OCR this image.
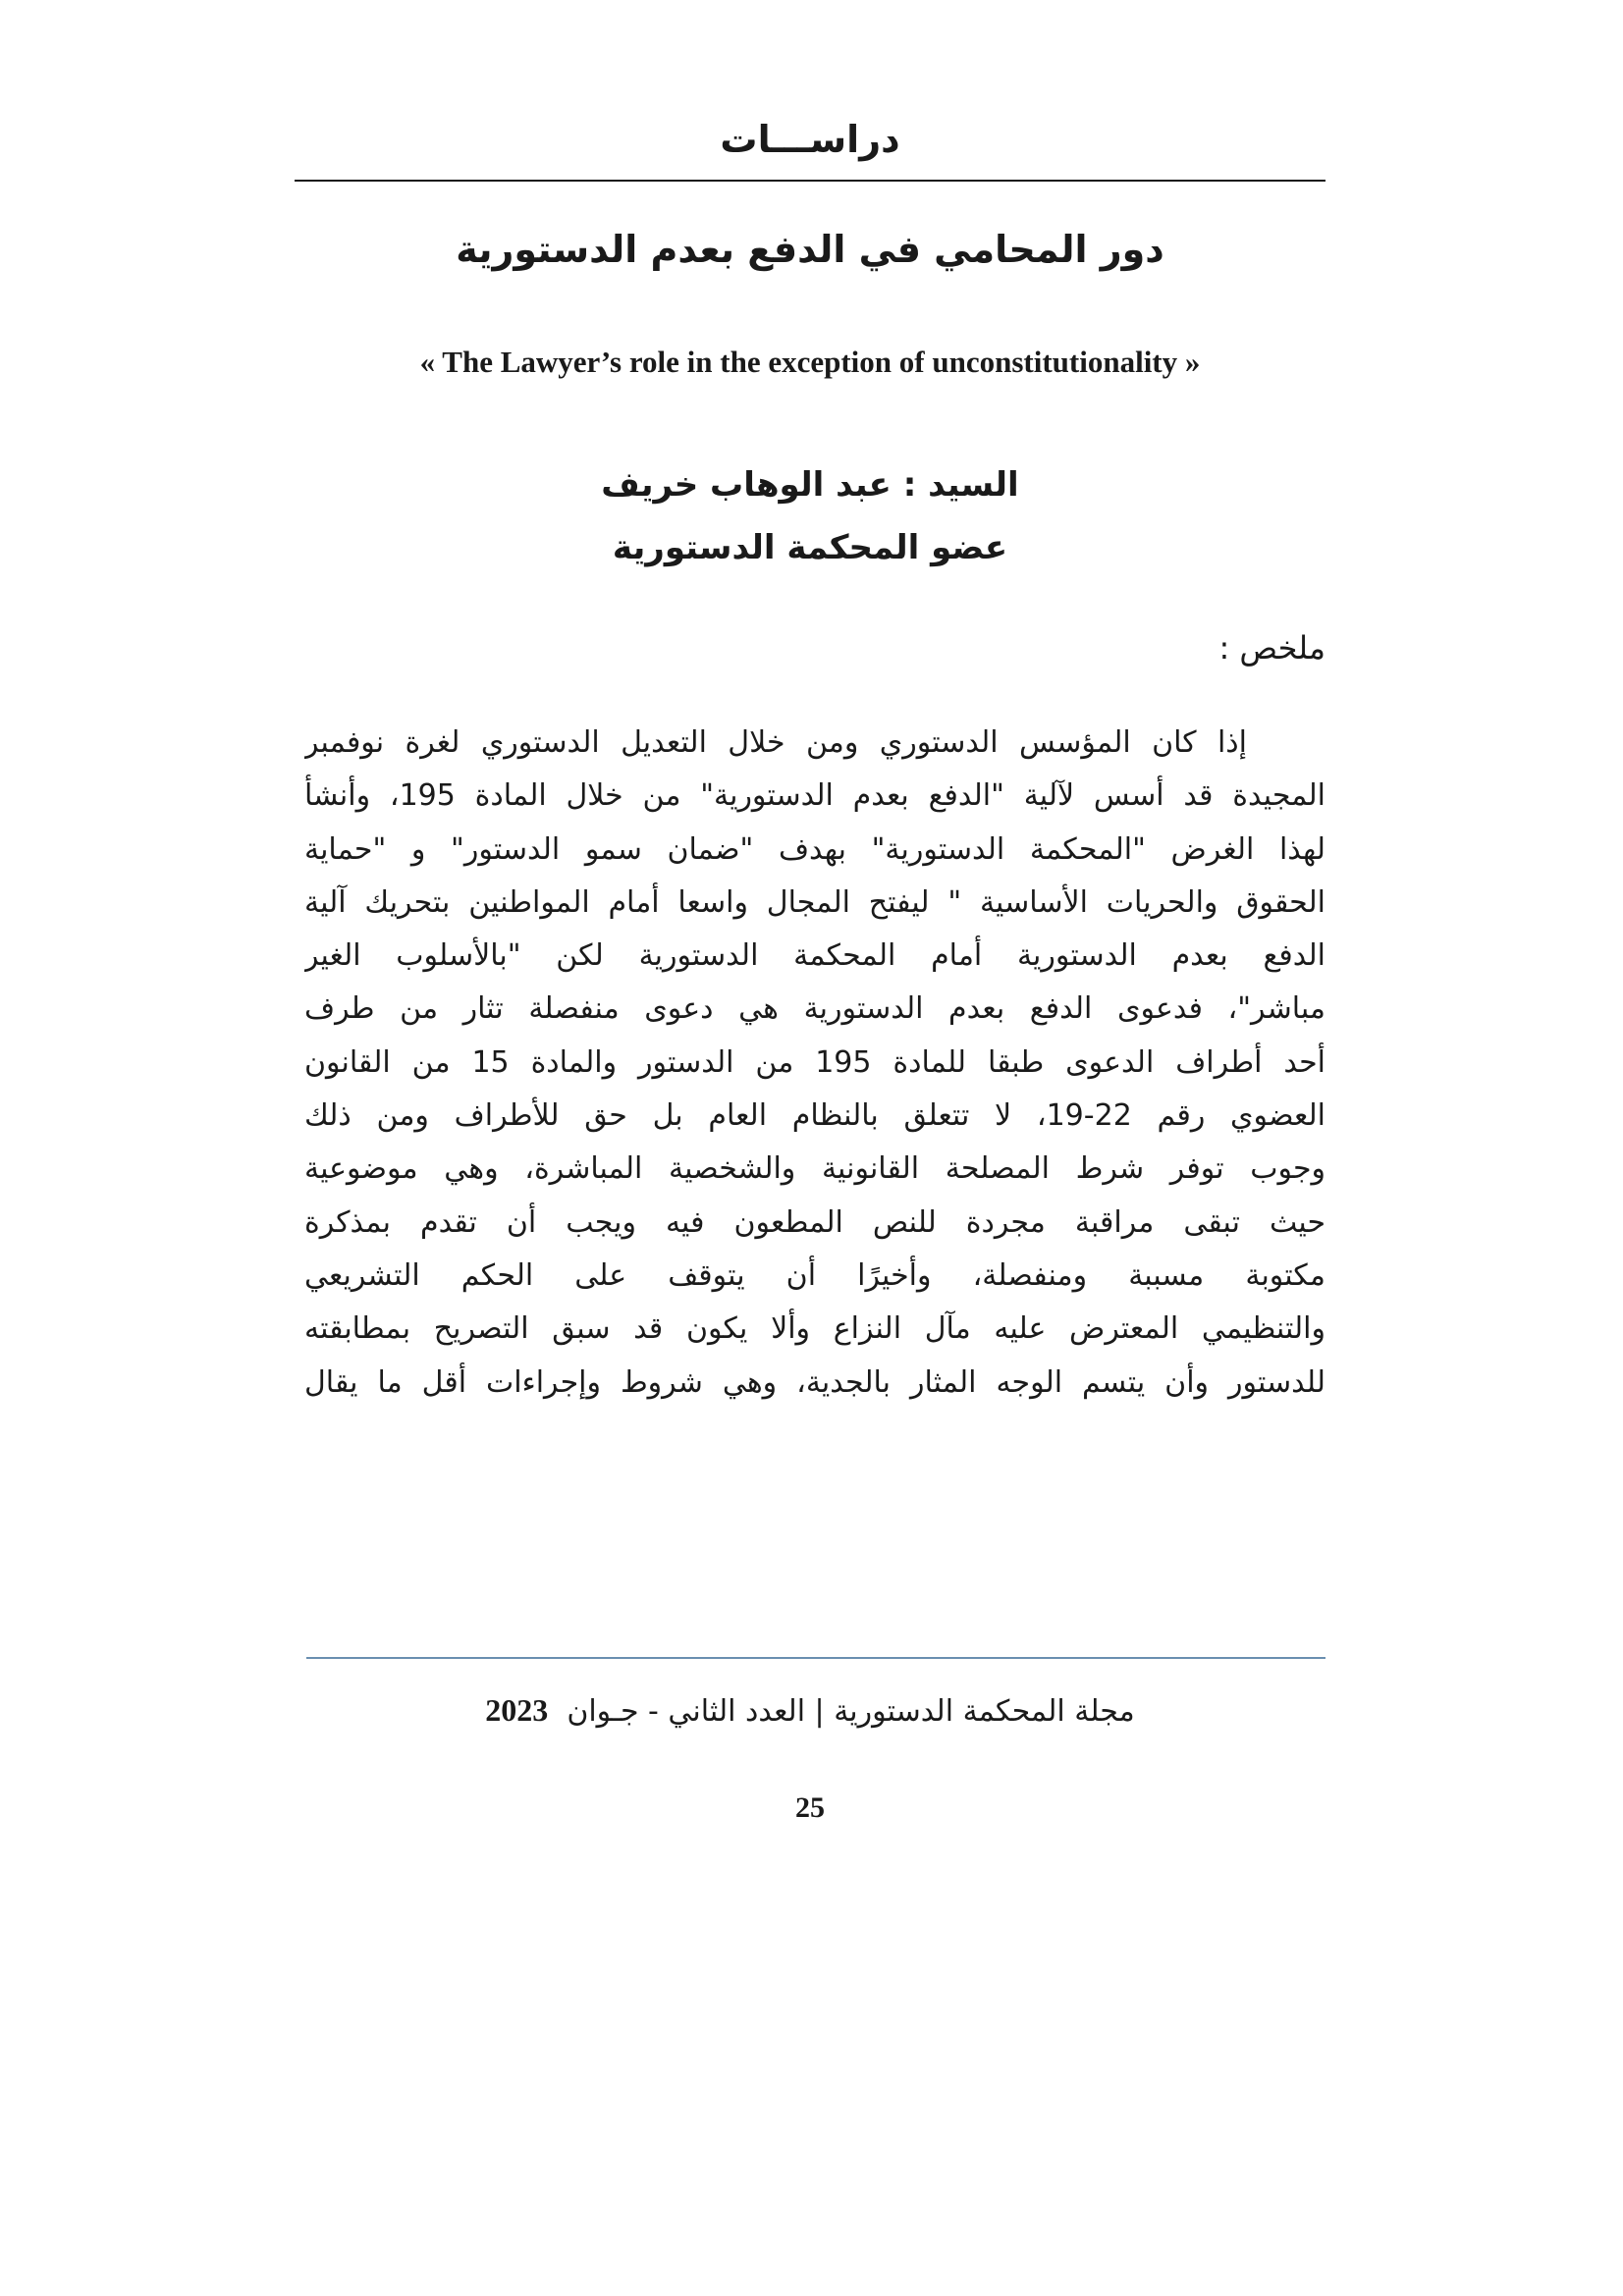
دراســـات
دور المحامي في الدفع بعدم الدستورية
« The Lawyer’s role in the exception of unconstitutionality »
السيد : عبد الوهاب خريف
عضو المحكمة الدستورية
ملخص :
إذا كان المؤسس الدستوري ومن خلال التعديل الدستوري لغرة نوفمبر
المجيدة قد أسس لآلية "الدفع بعدم الدستورية" من خلال المادة 195، وأنشأ
لهذا الغرض "المحكمة الدستورية" بهدف "ضمان سمو الدستور" و "حماية
الحقوق والحريات الأساسية " ليفتح المجال واسعا أمام المواطنين بتحريك آلية
الدفع بعدم الدستورية أمام المحكمة الدستورية لكن "بالأسلوب الغير
مباشر"، فدعوى الدفع بعدم الدستورية هي دعوى منفصلة تثار من طرف
أحد أطراف الدعوى طبقا للمادة 195 من الدستور والمادة 15 من القانون
العضوي رقم 22-19، لا تتعلق بالنظام العام بل حق للأطراف ومن ذلك
وجوب توفر شرط المصلحة القانونية والشخصية المباشرة، وهي موضوعية
حيث تبقى مراقبة مجردة للنص المطعون فيه ويجب أن تقدم بمذكرة
مكتوبة مسببة ومنفصلة، وأخيرًا أن يتوقف على الحكم التشريعي
والتنظيمي المعترض عليه مآل النزاع وألا يكون قد سبق التصريح بمطابقته
للدستور وأن يتسم الوجه المثار بالجدية، وهي شروط وإجراءات أقل ما يقال
مجلة المحكمة الدستورية | العدد الثاني - جـوان  2023
25
